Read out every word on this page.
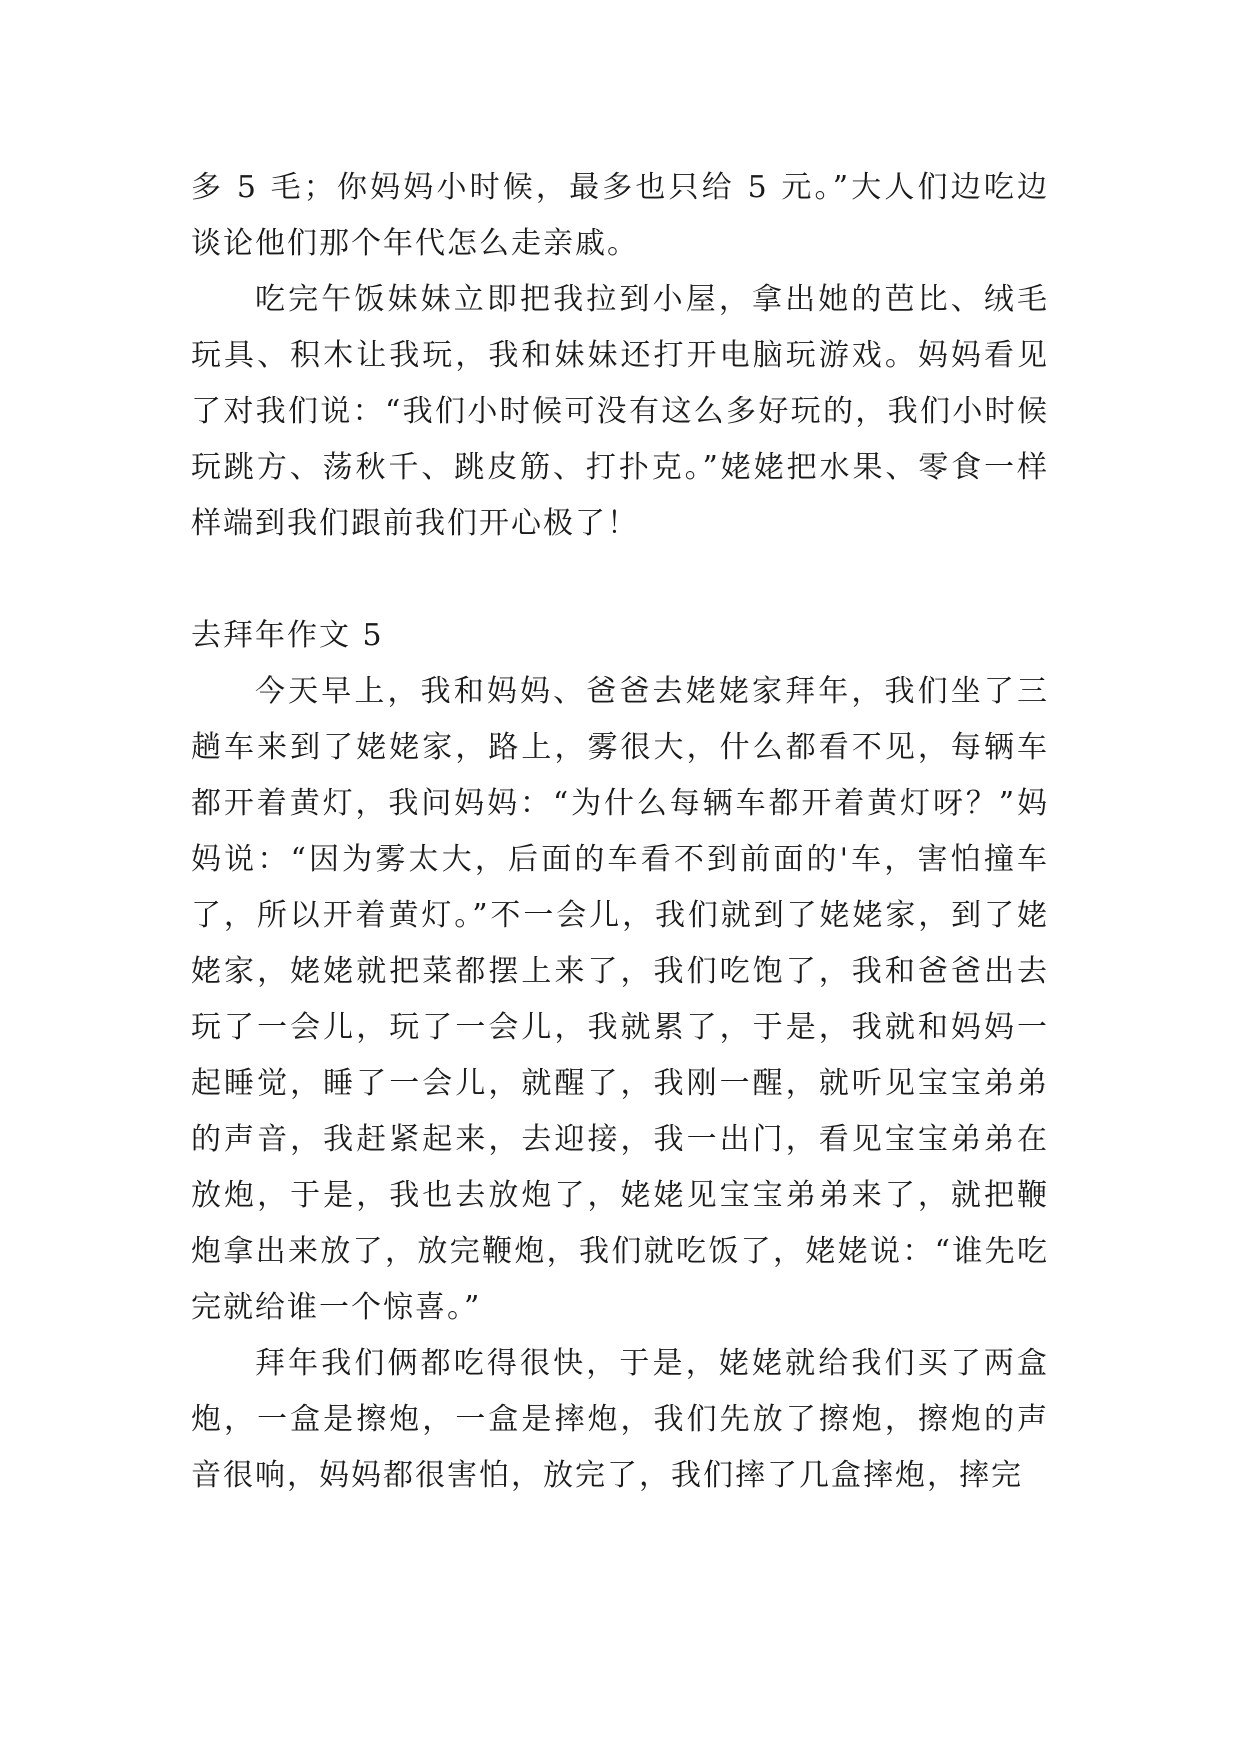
多 5 毛；你妈妈小时候，最多也只给 5 元。”大人们边吃边谈论他们那个年代怎么走亲戚。

吃完午饭妹妹立即把我拉到小屋，拿出她的芭比、绒毛玩具、积木让我玩，我和妹妹还打开电脑玩游戏。妈妈看见了对我们说：“我们小时候可没有这么多好玩的，我们小时候玩跳方、荡秋千、跳皮筋、打扑克。”姥姥把水果、零食一样样端到我们跟前我们开心极了！

去拜年作文 5

今天早上，我和妈妈、爸爸去姥姥家拜年，我们坐了三趟车来到了姥姥家，路上，雾很大，什么都看不见，每辆车都开着黄灯，我问妈妈：“为什么每辆车都开着黄灯呀？”妈妈说：“因为雾太大，后面的车看不到前面的'车，害怕撞车了，所以开着黄灯。”不一会儿，我们就到了姥姥家，到了姥姥家，姥姥就把菜都摆上来了，我们吃饱了，我和爸爸出去玩了一会儿，玩了一会儿，我就累了，于是，我就和妈妈一起睡觉，睡了一会儿，就醒了，我刚一醒，就听见宝宝弟弟的声音，我赶紧起来，去迎接，我一出门，看见宝宝弟弟在放炮，于是，我也去放炮了，姥姥见宝宝弟弟来了，就把鞭炮拿出来放了，放完鞭炮，我们就吃饭了，姥姥说：“谁先吃完就给谁一个惊喜。”

拜年我们俩都吃得很快，于是，姥姥就给我们买了两盒炮，一盒是擦炮，一盒是摔炮，我们先放了擦炮，擦炮的声音很响，妈妈都很害怕，放完了，我们摔了几盒摔炮，摔完
